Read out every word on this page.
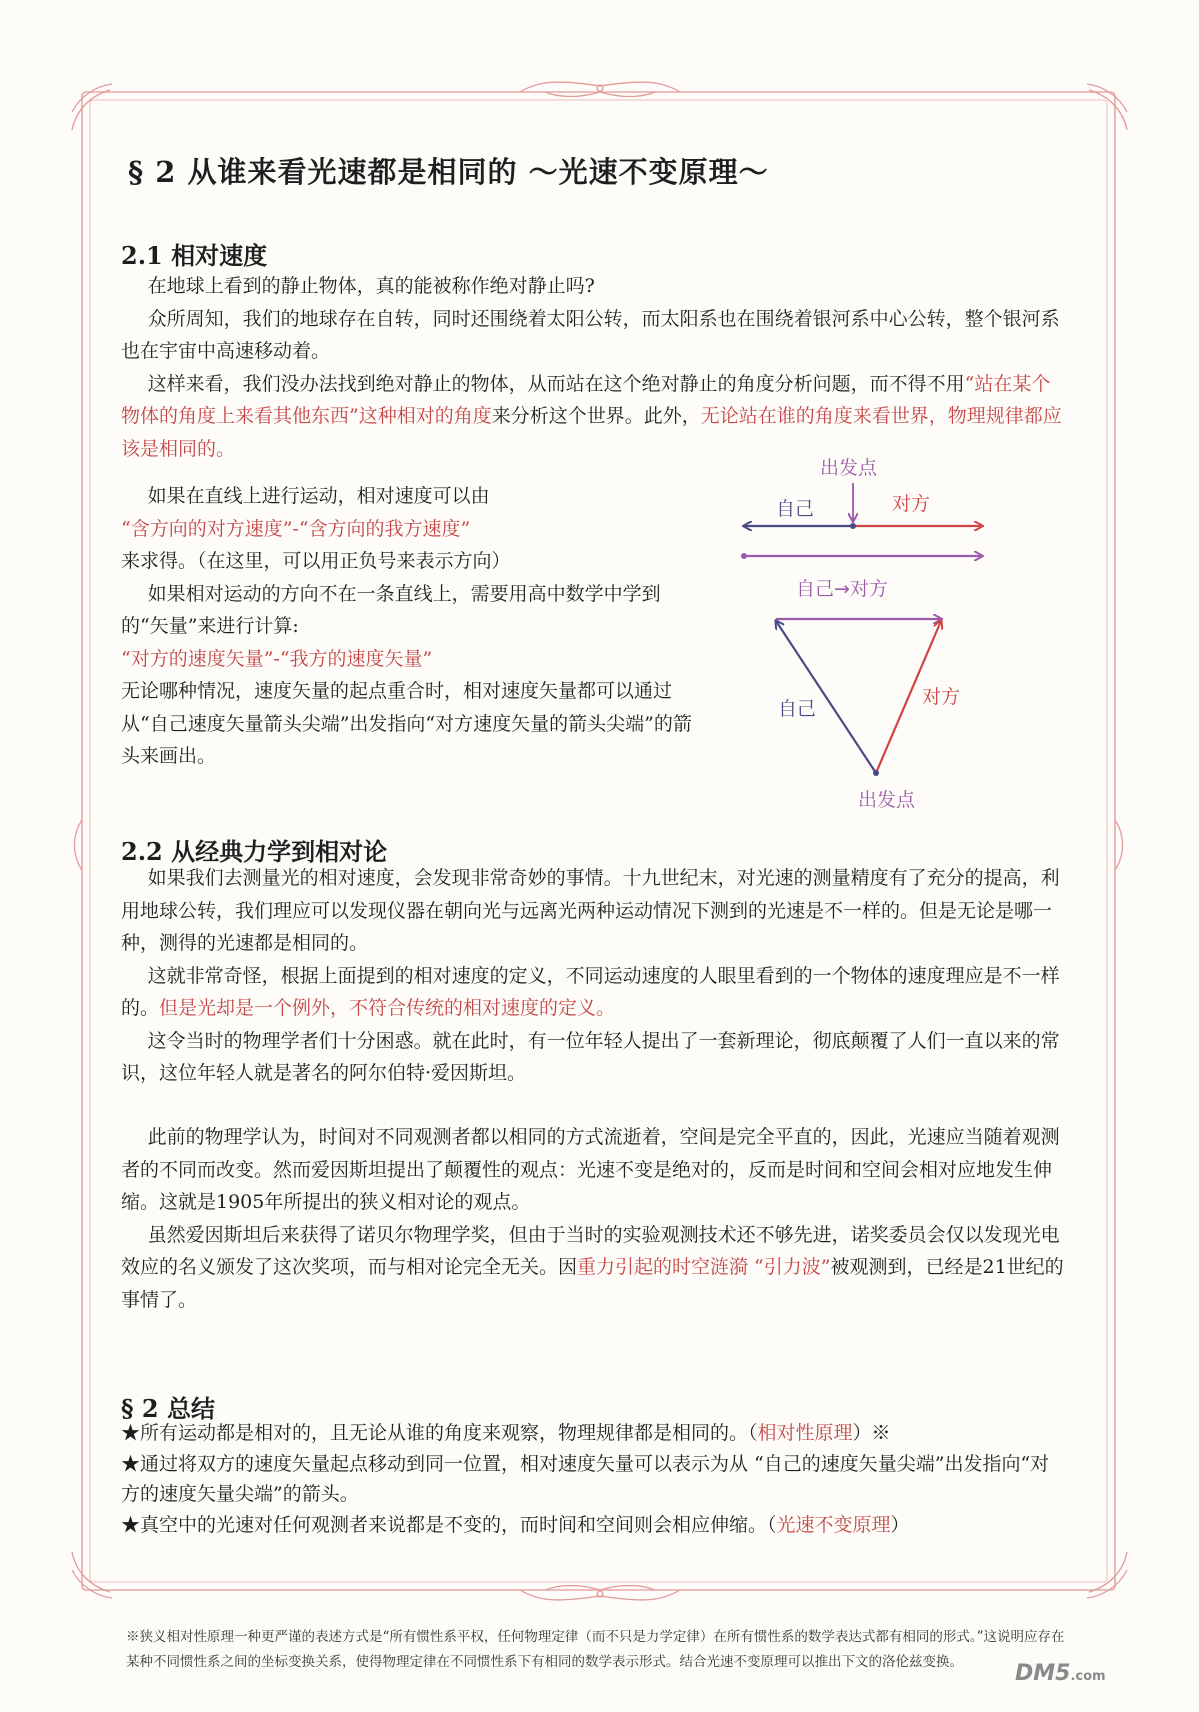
§ 2 从谁来看光速都是相同的 ～光速不变原理～
2.1 相对速度

在地球上看到的静止物体，真的能被称作绝对静止吗?

众所周知，我们的地球存在自转，同时还围绕着太阳公转，而太阳系也在围绕着银河系中心公转，整个银河系也在宇宙中高速移动着。

这样来看，我们没办法找到绝对静止的物体，从而站在这个绝对静止的角度分析问题，而不得不用“站在某个物体的角度上来看其他东西”这种相对的角度来分析这个世界。此外，无论站在谁的角度来看世界，物理规律都应该是相同的。

如果在直线上进行运动，相对速度可以由

“含方向的对方速度”-“含方向的我方速度”

来求得。（在这里，可以用正负号来表示方向）

如果相对运动的方向不在一条直线上，需要用高中数学中学到的“矢量”来进行计算:

“对方的速度矢量”-“我方的速度矢量”

无论哪种情况，速度矢量的起点重合时，相对速度矢量都可以通过从“自己速度矢量箭头尖端”出发指向“对方速度矢量的箭头尖端”的箭头来画出。

出发点
自己	对方
自己→对方
自己
对方
出发点
2.2 从经典力学到相对论

如果我们去测量光的相对速度，会发现非常奇妙的事情。十九世纪末，对光速的测量精度有了充分的提高，利用地球公转，我们理应可以发现仪器在朝向光与远离光两种运动情况下测到的光速是不一样的。但是无论是哪一种，测得的光速都是相同的。

这就非常奇怪，根据上面提到的相对速度的定义，不同运动速度的人眼里看到的一个物体的速度理应是不一样的。但是光却是一个例外，不符合传统的相对速度的定义。

这令当时的物理学者们十分困惑。就在此时，有一位年轻人提出了一套新理论，彻底颠覆了人们一直以来的常识，这位年轻人就是著名的阿尔伯特·爱因斯坦。

此前的物理学认为，时间对不同观测者都以相同的方式流逝着，空间是完全平直的，因此，光速应当随着观测者的不同而改变。然而爱因斯坦提出了颠覆性的观点：光速不变是绝对的，反而是时间和空间会相对应地发生伸缩。这就是1905年所提出的狭义相对论的观点。

虽然爱因斯坦后来获得了诺贝尔物理学奖，但由于当时的实验观测技术还不够先进，诺奖委员会仅以发现光电效应的名义颁发了这次奖项，而与相对论完全无关。因重力引起的时空涟漪 “引力波”被观测到，已经是21世纪的事情了。

§ 2 总结

★所有运动都是相对的，且无论从谁的角度来观察，物理规律都是相同的。（相对性原理）※

★通过将双方的速度矢量起点移动到同一位置，相对速度矢量可以表示为从 “自己的速度矢量尖端”出发指向“对方的速度矢量尖端”的箭头。

★真空中的光速对任何观测者来说都是不变的，而时间和空间则会相应伸缩。（光速不变原理）

※狭义相对性原理一种更严谨的表述方式是“所有惯性系平权，任何物理定律（而不只是力学定律）在所有惯性系的数学表达式都有相同的形式。”这说明应存在某种不同惯性系之间的坐标变换关系，使得物理定律在不同惯性系下有相同的数学表示形式。结合光速不变原理可以推出下文的洛伦兹变换。	DM5.com
